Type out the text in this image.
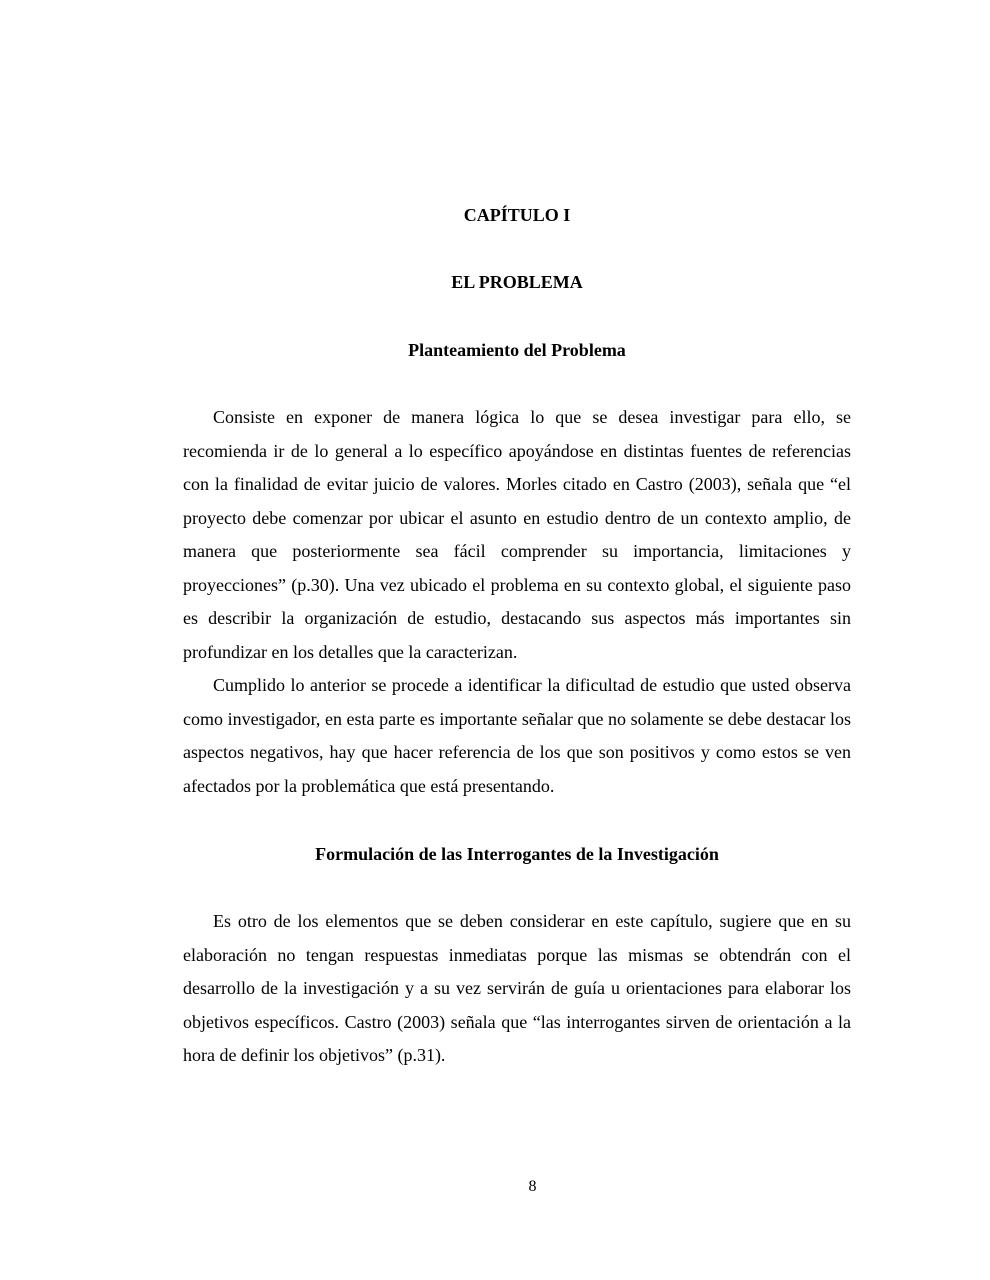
CAPÍTULO I
EL PROBLEMA
Planteamiento del Problema

Consiste en exponer de manera lógica lo que se desea investigar para ello, se recomienda ir de lo general a lo específico apoyándose en distintas fuentes de referencias con la finalidad de evitar juicio de valores. Morles citado en Castro (2003), señala que “el proyecto debe comenzar por ubicar el asunto en estudio dentro de un contexto amplio, de manera que posteriormente sea fácil comprender su importancia, limitaciones y proyecciones” (p.30). Una vez ubicado el problema en su contexto global, el siguiente paso es describir la organización de estudio, destacando sus aspectos más importantes sin profundizar en los detalles que la caracterizan.

Cumplido lo anterior se procede a identificar la dificultad de estudio que usted observa como investigador, en esta parte es importante señalar que no solamente se debe destacar los aspectos negativos, hay que hacer referencia de los que son positivos y como estos se ven afectados por la problemática que está presentando.

Formulación de las Interrogantes de la Investigación

Es otro de los elementos que se deben considerar en este capítulo, sugiere que en su elaboración no tengan respuestas inmediatas porque las mismas se obtendrán con el desarrollo de la investigación y a su vez servirán de guía u orientaciones para elaborar los objetivos específicos. Castro (2003) señala que “las interrogantes sirven de orientación a la hora de definir los objetivos” (p.31).

8
